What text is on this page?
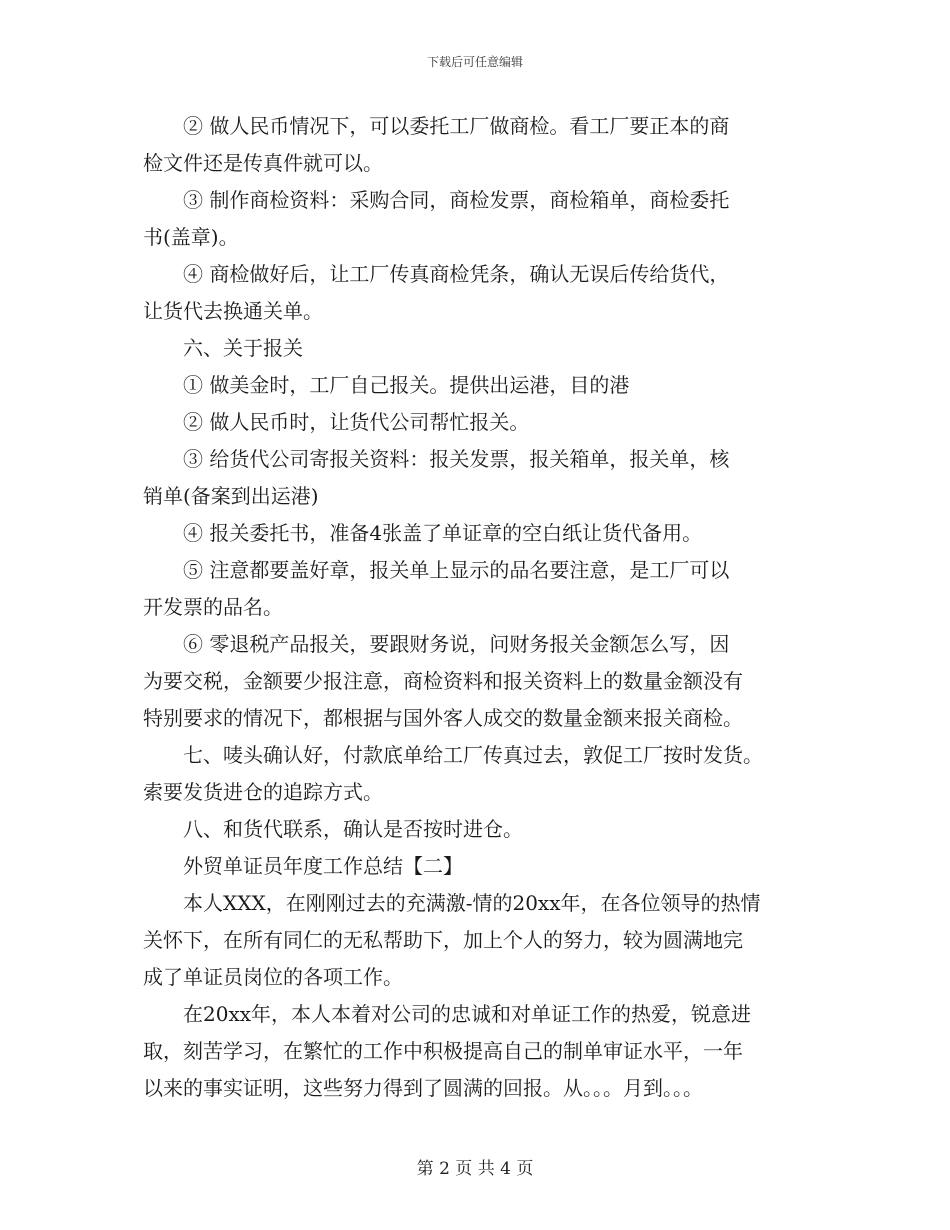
下载后可任意编辑

② 做人民币情况下，可以委托工厂做商检。看工厂要正本的商
检文件还是传真件就可以。

③ 制作商检资料：采购合同，商检发票，商检箱单，商检委托
书(盖章)。

④ 商检做好后，让工厂传真商检凭条，确认无误后传给货代，
让货代去换通关单。

六、关于报关

① 做美金时，工厂自己报关。提供出运港，目的港

② 做人民币时，让货代公司帮忙报关。

③ 给货代公司寄报关资料：报关发票，报关箱单，报关单，核
销单(备案到出运港)

④ 报关委托书，准备4张盖了单证章的空白纸让货代备用。

⑤ 注意都要盖好章，报关单上显示的品名要注意，是工厂可以
开发票的品名。

⑥ 零退税产品报关，要跟财务说，问财务报关金额怎么写，因
为要交税，金额要少报注意，商检资料和报关资料上的数量金额没有
特别要求的情况下，都根据与国外客人成交的数量金额来报关商检。

七、唛头确认好，付款底单给工厂传真过去，敦促工厂按时发货。
索要发货进仓的追踪方式。

八、和货代联系，确认是否按时进仓。

外贸单证员年度工作总结【二】

本人XXX，在刚刚过去的充满激-情的20xx年，在各位领导的热情
关怀下，在所有同仁的无私帮助下，加上个人的努力，较为圆满地完
成了单证员岗位的各项工作。

在20xx年，本人本着对公司的忠诚和对单证工作的热爱，锐意进
取，刻苦学习，在繁忙的工作中积极提高自己的制单审证水平，一年
以来的事实证明，这些努力得到了圆满的回报。从。。。月到。。。

第 2 页 共 4 页
